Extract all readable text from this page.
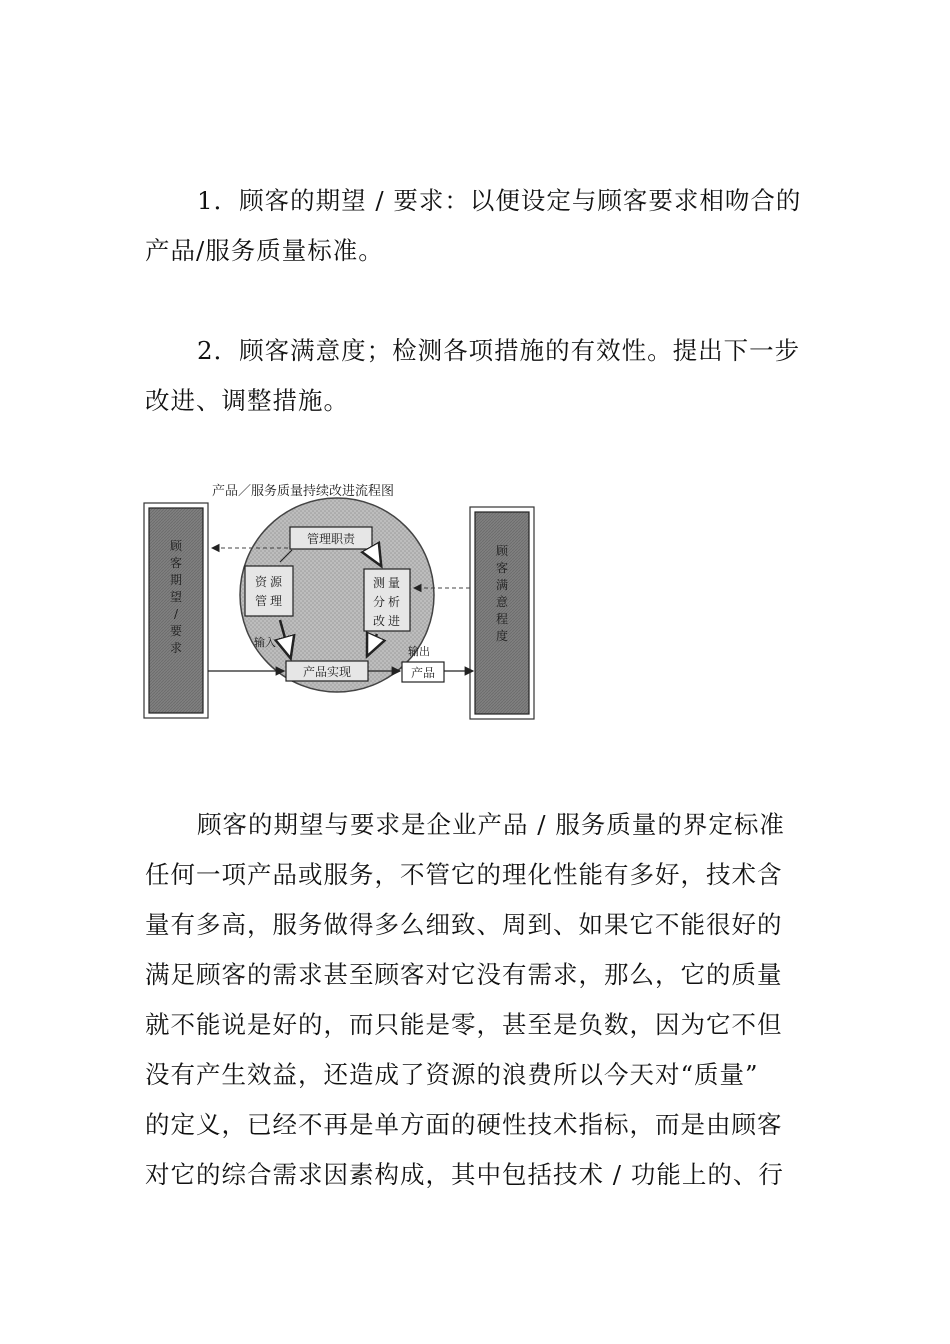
1．顾客的期望 / 要求：以便设定与顾客要求相吻合的
产品/服务质量标准。
2．顾客满意度；检测各项措施的有效性。提出下一步
改进、调整措施。
产品／服务质量持续改进流程图
顾
客
期
望
/
要
求
顾
客
满
意
程
度
管理职责
资 源
管 理
测 量
分 析
改 进
产品实现	产品
输入
输出
顾客的期望与要求是企业产品 / 服务质量的界定标准
任何一项产品或服务，不管它的理化性能有多好，技术含
量有多高，服务做得多么细致、周到、如果它不能很好的
满足顾客的需求甚至顾客对它没有需求，那么，它的质量
就不能说是好的，而只能是零，甚至是负数，因为它不但
没有产生效益，还造成了资源的浪费所以今天对“质量”
的定义，已经不再是单方面的硬性技术指标，而是由顾客
对它的综合需求因素构成，其中包括技术 / 功能上的、行
